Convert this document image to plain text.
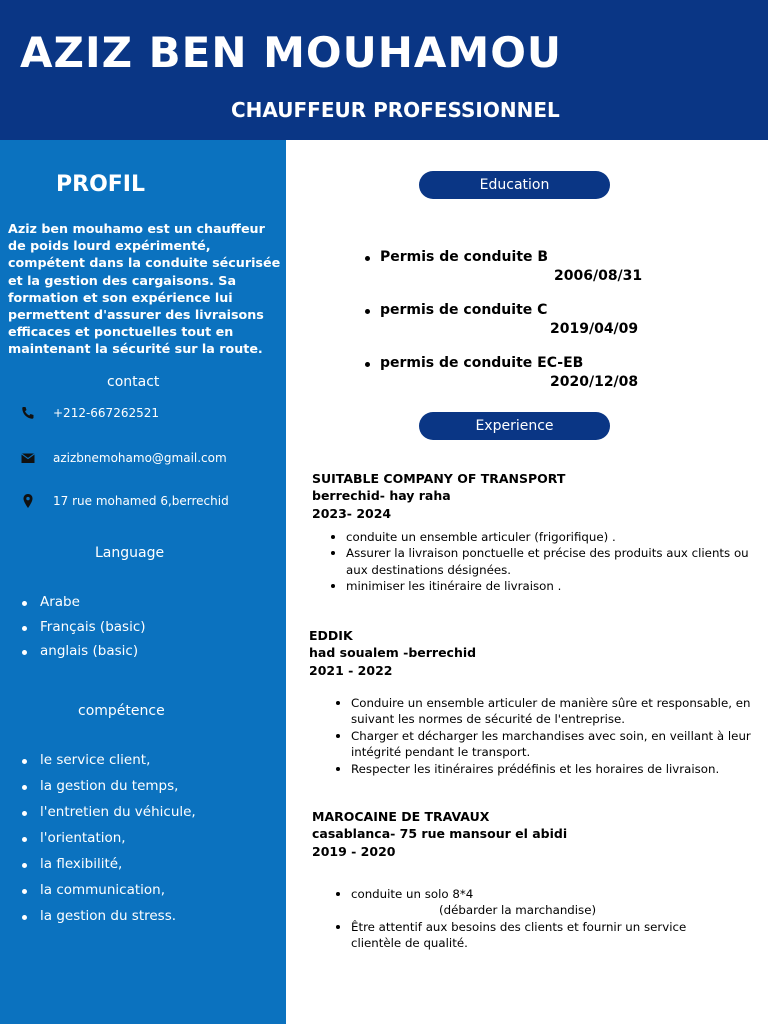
AZIZ BEN MOUHAMOU
CHAUFFEUR PROFESSIONNEL
PROFIL
Aziz ben mouhamo est un chauffeur de poids lourd expérimenté, compétent dans la conduite sécurisée et la gestion des cargaisons. Sa formation et son expérience lui permettent d'assurer des livraisons efficaces et ponctuelles tout en maintenant la sécurité sur la route.
contact
+212-667262521
azizbnemohamo@gmail.com
17 rue mohamed 6,berrechid
Language
Arabe
Français (basic)
anglais (basic)
compétence
le service client,
la gestion du temps,
l'entretien du véhicule,
l'orientation,
la flexibilité,
la communication,
la gestion du stress.
Education
Permis de conduite B
2006/08/31
permis de conduite C
2019/04/09
permis de conduite EC-EB
2020/12/08
Experience
SUITABLE COMPANY OF TRANSPORT
berrechid- hay raha
2023- 2024
conduite un ensemble articuler (frigorifique) .
Assurer la livraison ponctuelle et précise des produits aux clients ou aux destinations désignées.
minimiser les itinéraire de livraison .
EDDIK
had soualem -berrechid
2021 - 2022
Conduire un ensemble articuler de manière sûre et responsable, en suivant les normes de sécurité de l'entreprise.
Charger et décharger les marchandises avec soin, en veillant à leur intégrité pendant le transport.
Respecter les itinéraires prédéfinis et les horaires de livraison.
MAROCAINE DE TRAVAUX
casablanca- 75 rue mansour el abidi
2019 - 2020
conduite un solo 8*4
(débarder la marchandise)
Être attentif aux besoins des clients et fournir un service clientèle de qualité.
